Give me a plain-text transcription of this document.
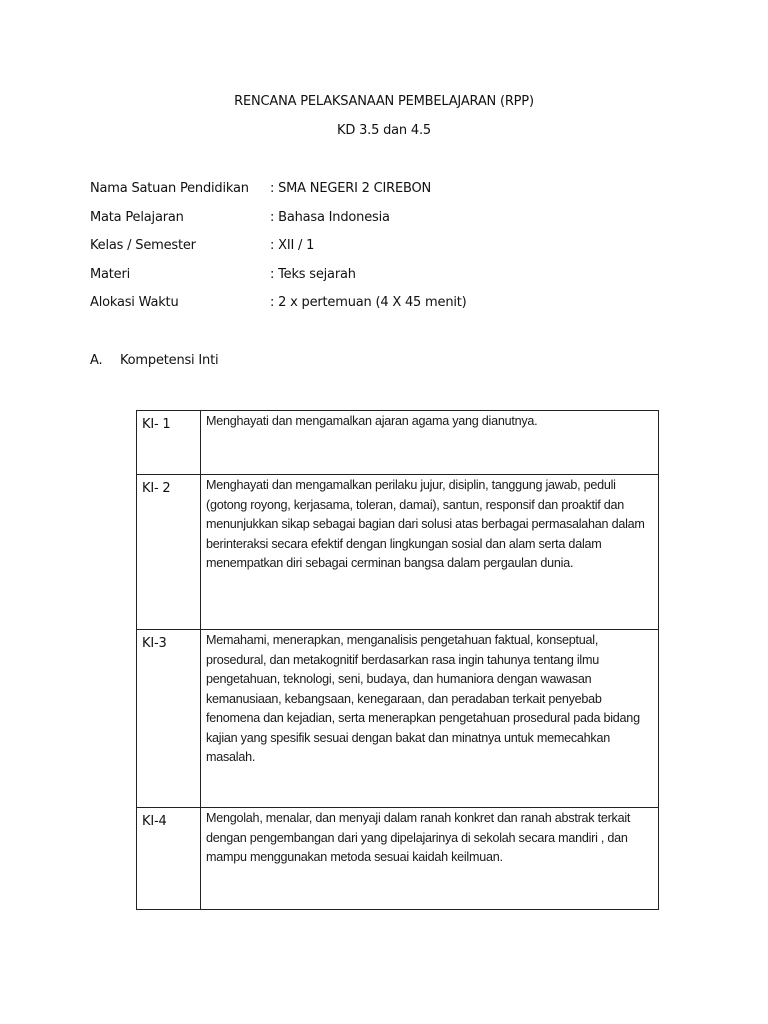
RENCANA PELAKSANAAN PEMBELAJARAN (RPP)
KD 3.5 dan 4.5
Nama Satuan Pendidikan : SMA NEGERI 2 CIREBON
Mata Pelajaran	: Bahasa Indonesia
Kelas / Semester	: XII / 1
Materi	: Teks sejarah
Alokasi Waktu	: 2 x pertemuan (4 X 45 menit)
A. Kompetensi Inti
KI- 1	Menghayati dan mengamalkan ajaran agama yang dianutnya.
KI- 2	Menghayati dan mengamalkan perilaku jujur, disiplin, tanggung jawab, peduli (gotong royong, kerjasama, toleran, damai), santun, responsif dan proaktif dan menunjukkan sikap sebagai bagian dari solusi atas berbagai permasalahan dalam berinteraksi secara efektif dengan lingkungan sosial dan alam serta dalam menempatkan diri sebagai cerminan bangsa dalam pergaulan dunia.
KI-3	Memahami, menerapkan, menganalisis pengetahuan faktual, konseptual, prosedural, dan metakognitif berdasarkan rasa ingin tahunya tentang ilmu pengetahuan, teknologi, seni, budaya, dan humaniora dengan wawasan kemanusiaan, kebangsaan, kenegaraan, dan peradaban terkait penyebab fenomena dan kejadian, serta menerapkan pengetahuan prosedural pada bidang kajian yang spesifik sesuai dengan bakat dan minatnya untuk memecahkan masalah.
KI-4	Mengolah, menalar, dan menyaji dalam ranah konkret dan ranah abstrak terkait dengan pengembangan dari yang dipelajarinya di sekolah secara mandiri , dan mampu menggunakan metoda sesuai kaidah keilmuan.
